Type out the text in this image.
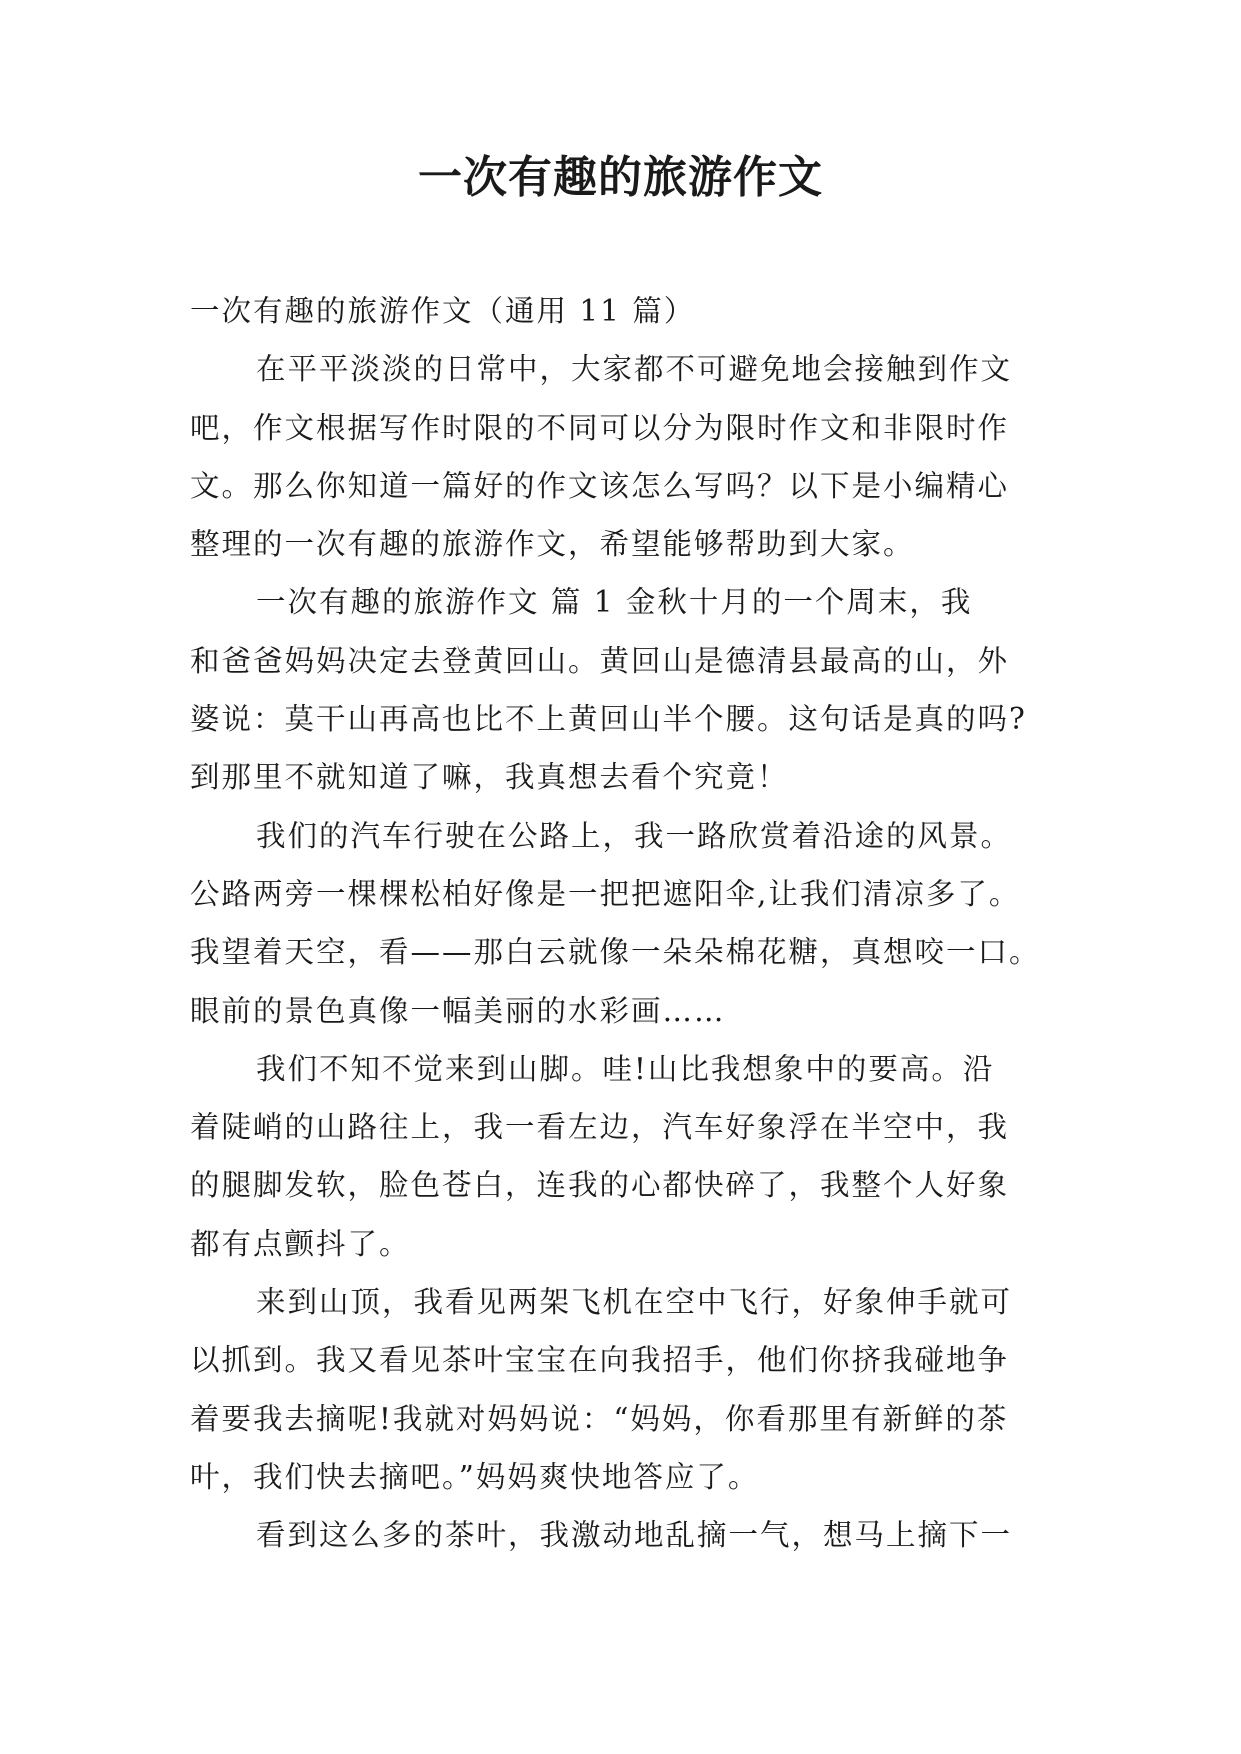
一次有趣的旅游作文
一次有趣的旅游作文（通用 11 篇）
在平平淡淡的日常中，大家都不可避免地会接触到作文
吧，作文根据写作时限的不同可以分为限时作文和非限时作
文。那么你知道一篇好的作文该怎么写吗？以下是小编精心
整理的一次有趣的旅游作文，希望能够帮助到大家。
一次有趣的旅游作文 篇 1 金秋十月的一个周末，我
和爸爸妈妈决定去登黄回山。黄回山是德清县最高的山，外
婆说：莫干山再高也比不上黄回山半个腰。这句话是真的吗?
到那里不就知道了嘛，我真想去看个究竟！
我们的汽车行驶在公路上，我一路欣赏着沿途的风景。
公路两旁一棵棵松柏好像是一把把遮阳伞,让我们清凉多了。
我望着天空，看——那白云就像一朵朵棉花糖，真想咬一口。
眼前的景色真像一幅美丽的水彩画……
我们不知不觉来到山脚。哇!山比我想象中的要高。沿
着陡峭的山路往上，我一看左边，汽车好象浮在半空中，我
的腿脚发软，脸色苍白，连我的心都快碎了，我整个人好象
都有点颤抖了。
来到山顶，我看见两架飞机在空中飞行，好象伸手就可
以抓到。我又看见茶叶宝宝在向我招手，他们你挤我碰地争
着要我去摘呢!我就对妈妈说：“妈妈，你看那里有新鲜的茶
叶，我们快去摘吧。”妈妈爽快地答应了。
看到这么多的茶叶，我激动地乱摘一气，想马上摘下一
